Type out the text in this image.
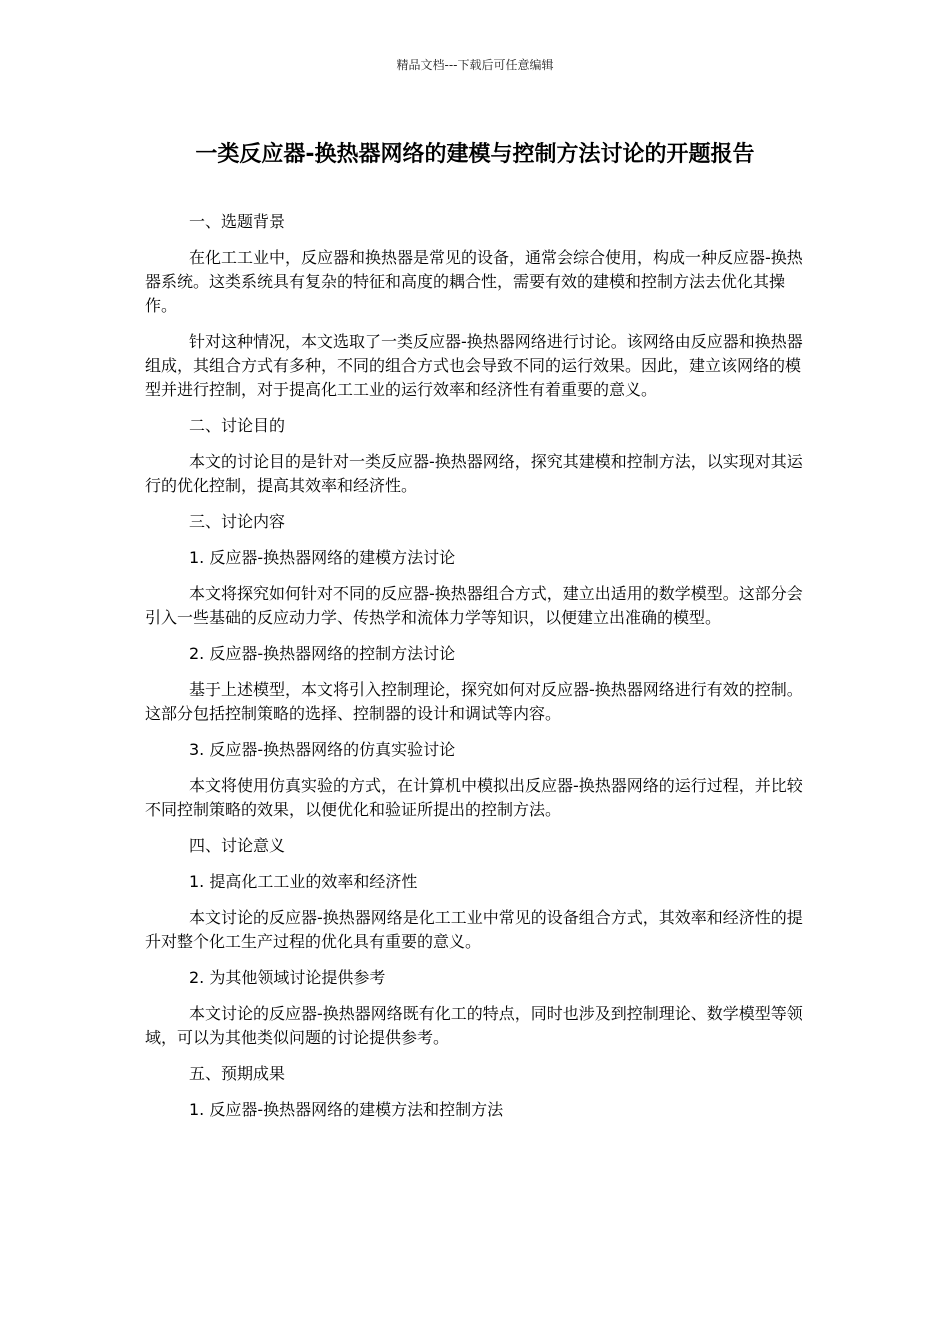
精品文档---下载后可任意编辑
一类反应器-换热器网络的建模与控制方法讨论的开题报告

一、选题背景

在化工工业中，反应器和换热器是常见的设备，通常会综合使用，构成一种反应器-换热器系统。这类系统具有复杂的特征和高度的耦合性，需要有效的建模和控制方法去优化其操作。

针对这种情况，本文选取了一类反应器-换热器网络进行讨论。该网络由反应器和换热器组成，其组合方式有多种，不同的组合方式也会导致不同的运行效果。因此，建立该网络的模型并进行控制，对于提高化工工业的运行效率和经济性有着重要的意义。

二、讨论目的

本文的讨论目的是针对一类反应器-换热器网络，探究其建模和控制方法，以实现对其运行的优化控制，提高其效率和经济性。

三、讨论内容

1. 反应器-换热器网络的建模方法讨论

本文将探究如何针对不同的反应器-换热器组合方式，建立出适用的数学模型。这部分会引入一些基础的反应动力学、传热学和流体力学等知识，以便建立出准确的模型。

2. 反应器-换热器网络的控制方法讨论

基于上述模型，本文将引入控制理论，探究如何对反应器-换热器网络进行有效的控制。这部分包括控制策略的选择、控制器的设计和调试等内容。

3. 反应器-换热器网络的仿真实验讨论

本文将使用仿真实验的方式，在计算机中模拟出反应器-换热器网络的运行过程，并比较不同控制策略的效果，以便优化和验证所提出的控制方法。

四、讨论意义

1. 提高化工工业的效率和经济性

本文讨论的反应器-换热器网络是化工工业中常见的设备组合方式，其效率和经济性的提升对整个化工生产过程的优化具有重要的意义。

2. 为其他领域讨论提供参考

本文讨论的反应器-换热器网络既有化工的特点，同时也涉及到控制理论、数学模型等领域，可以为其他类似问题的讨论提供参考。

五、预期成果

1. 反应器-换热器网络的建模方法和控制方法
